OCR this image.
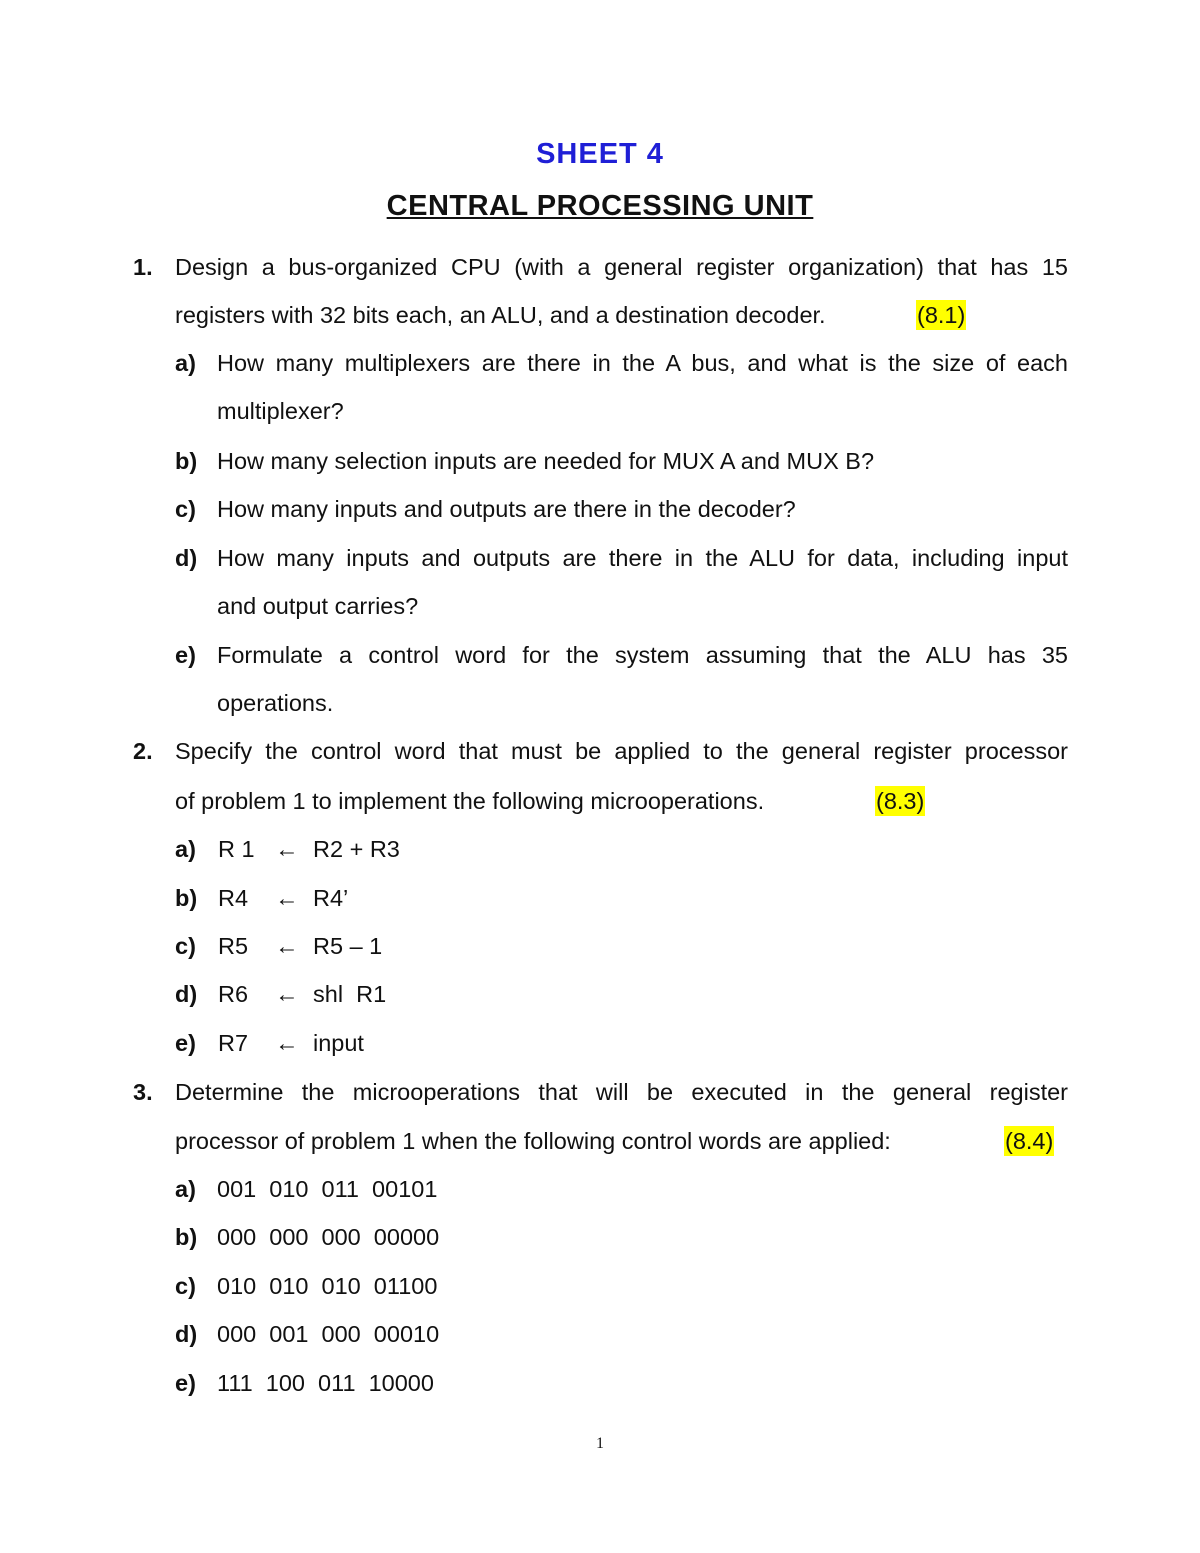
SHEET 4
CENTRAL PROCESSING UNIT
1. Design a bus-organized CPU (with a general register organization) that has 15
registers with 32 bits each, an ALU, and a destination decoder.	(8.1)
a) How many multiplexers are there in the A bus, and what is the size of each
multiplexer?
b) How many selection inputs are needed for MUX A and MUX B?
c) How many inputs and outputs are there in the decoder?
d) How many inputs and outputs are there in the ALU for data, including input
and output carries?
e) Formulate a control word for the system assuming that the ALU has 35
operations.
2. Specify the control word that must be applied to the general register processor
of problem 1 to implement the following microoperations.	(8.3)
a) R 1 ← R2 + R3
b) R4 ← R4’
c) R5 ← R5 – 1
d) R6 ← shl  R1
e) R7 ← input
3. Determine the microoperations that will be executed in the general register
processor of problem 1 when the following control words are applied:	(8.4)
a) 001  010  011  00101
b) 000  000  000  00000
c) 010  010  010  01100
d) 000  001  000  00010
e) 111  100  011  10000
1
